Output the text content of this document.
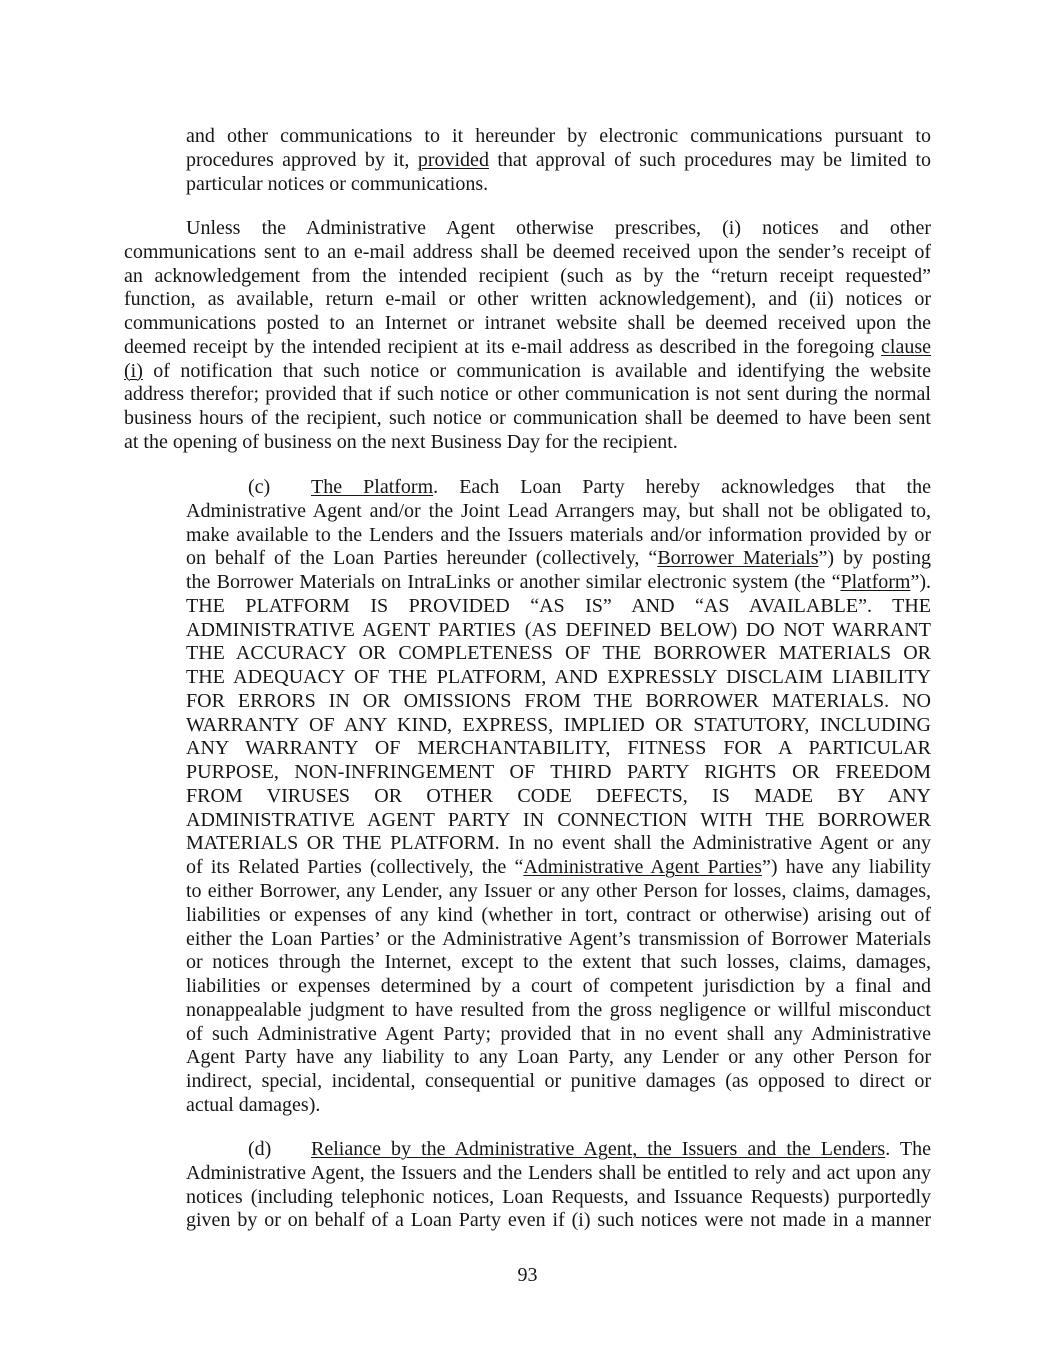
and other communications to it hereunder by electronic communications pursuant to
procedures approved by it, provided that approval of such procedures may be limited to
particular notices or communications.
Unless the Administrative Agent otherwise prescribes, (i) notices and other
communications sent to an e-mail address shall be deemed received upon the sender’s receipt of
an acknowledgement from the intended recipient (such as by the “return receipt requested”
function, as available, return e-mail or other written acknowledgement), and (ii) notices or
communications posted to an Internet or intranet website shall be deemed received upon the
deemed receipt by the intended recipient at its e-mail address as described in the foregoing clause
(i) of notification that such notice or communication is available and identifying the website
address therefor; provided that if such notice or other communication is not sent during the normal
business hours of the recipient, such notice or communication shall be deemed to have been sent
at the opening of business on the next Business Day for the recipient.
(c) The Platform. Each Loan Party hereby acknowledges that the
Administrative Agent and/or the Joint Lead Arrangers may, but shall not be obligated to,
make available to the Lenders and the Issuers materials and/or information provided by or
on behalf of the Loan Parties hereunder (collectively, “Borrower Materials”) by posting
the Borrower Materials on IntraLinks or another similar electronic system (the “Platform”).
THE PLATFORM IS PROVIDED “AS IS” AND “AS AVAILABLE”. THE
ADMINISTRATIVE AGENT PARTIES (AS DEFINED BELOW) DO NOT WARRANT
THE ACCURACY OR COMPLETENESS OF THE BORROWER MATERIALS OR
THE ADEQUACY OF THE PLATFORM, AND EXPRESSLY DISCLAIM LIABILITY
FOR ERRORS IN OR OMISSIONS FROM THE BORROWER MATERIALS. NO
WARRANTY OF ANY KIND, EXPRESS, IMPLIED OR STATUTORY, INCLUDING
ANY WARRANTY OF MERCHANTABILITY, FITNESS FOR A PARTICULAR
PURPOSE, NON-INFRINGEMENT OF THIRD PARTY RIGHTS OR FREEDOM
FROM VIRUSES OR OTHER CODE DEFECTS, IS MADE BY ANY
ADMINISTRATIVE AGENT PARTY IN CONNECTION WITH THE BORROWER
MATERIALS OR THE PLATFORM. In no event shall the Administrative Agent or any
of its Related Parties (collectively, the “Administrative Agent Parties”) have any liability
to either Borrower, any Lender, any Issuer or any other Person for losses, claims, damages,
liabilities or expenses of any kind (whether in tort, contract or otherwise) arising out of
either the Loan Parties’ or the Administrative Agent’s transmission of Borrower Materials
or notices through the Internet, except to the extent that such losses, claims, damages,
liabilities or expenses determined by a court of competent jurisdiction by a final and
nonappealable judgment to have resulted from the gross negligence or willful misconduct
of such Administrative Agent Party; provided that in no event shall any Administrative
Agent Party have any liability to any Loan Party, any Lender or any other Person for
indirect, special, incidental, consequential or punitive damages (as opposed to direct or
actual damages).
(d) Reliance by the Administrative Agent, the Issuers and the Lenders. The
Administrative Agent, the Issuers and the Lenders shall be entitled to rely and act upon any
notices (including telephonic notices, Loan Requests, and Issuance Requests) purportedly
given by or on behalf of a Loan Party even if (i) such notices were not made in a manner
93
